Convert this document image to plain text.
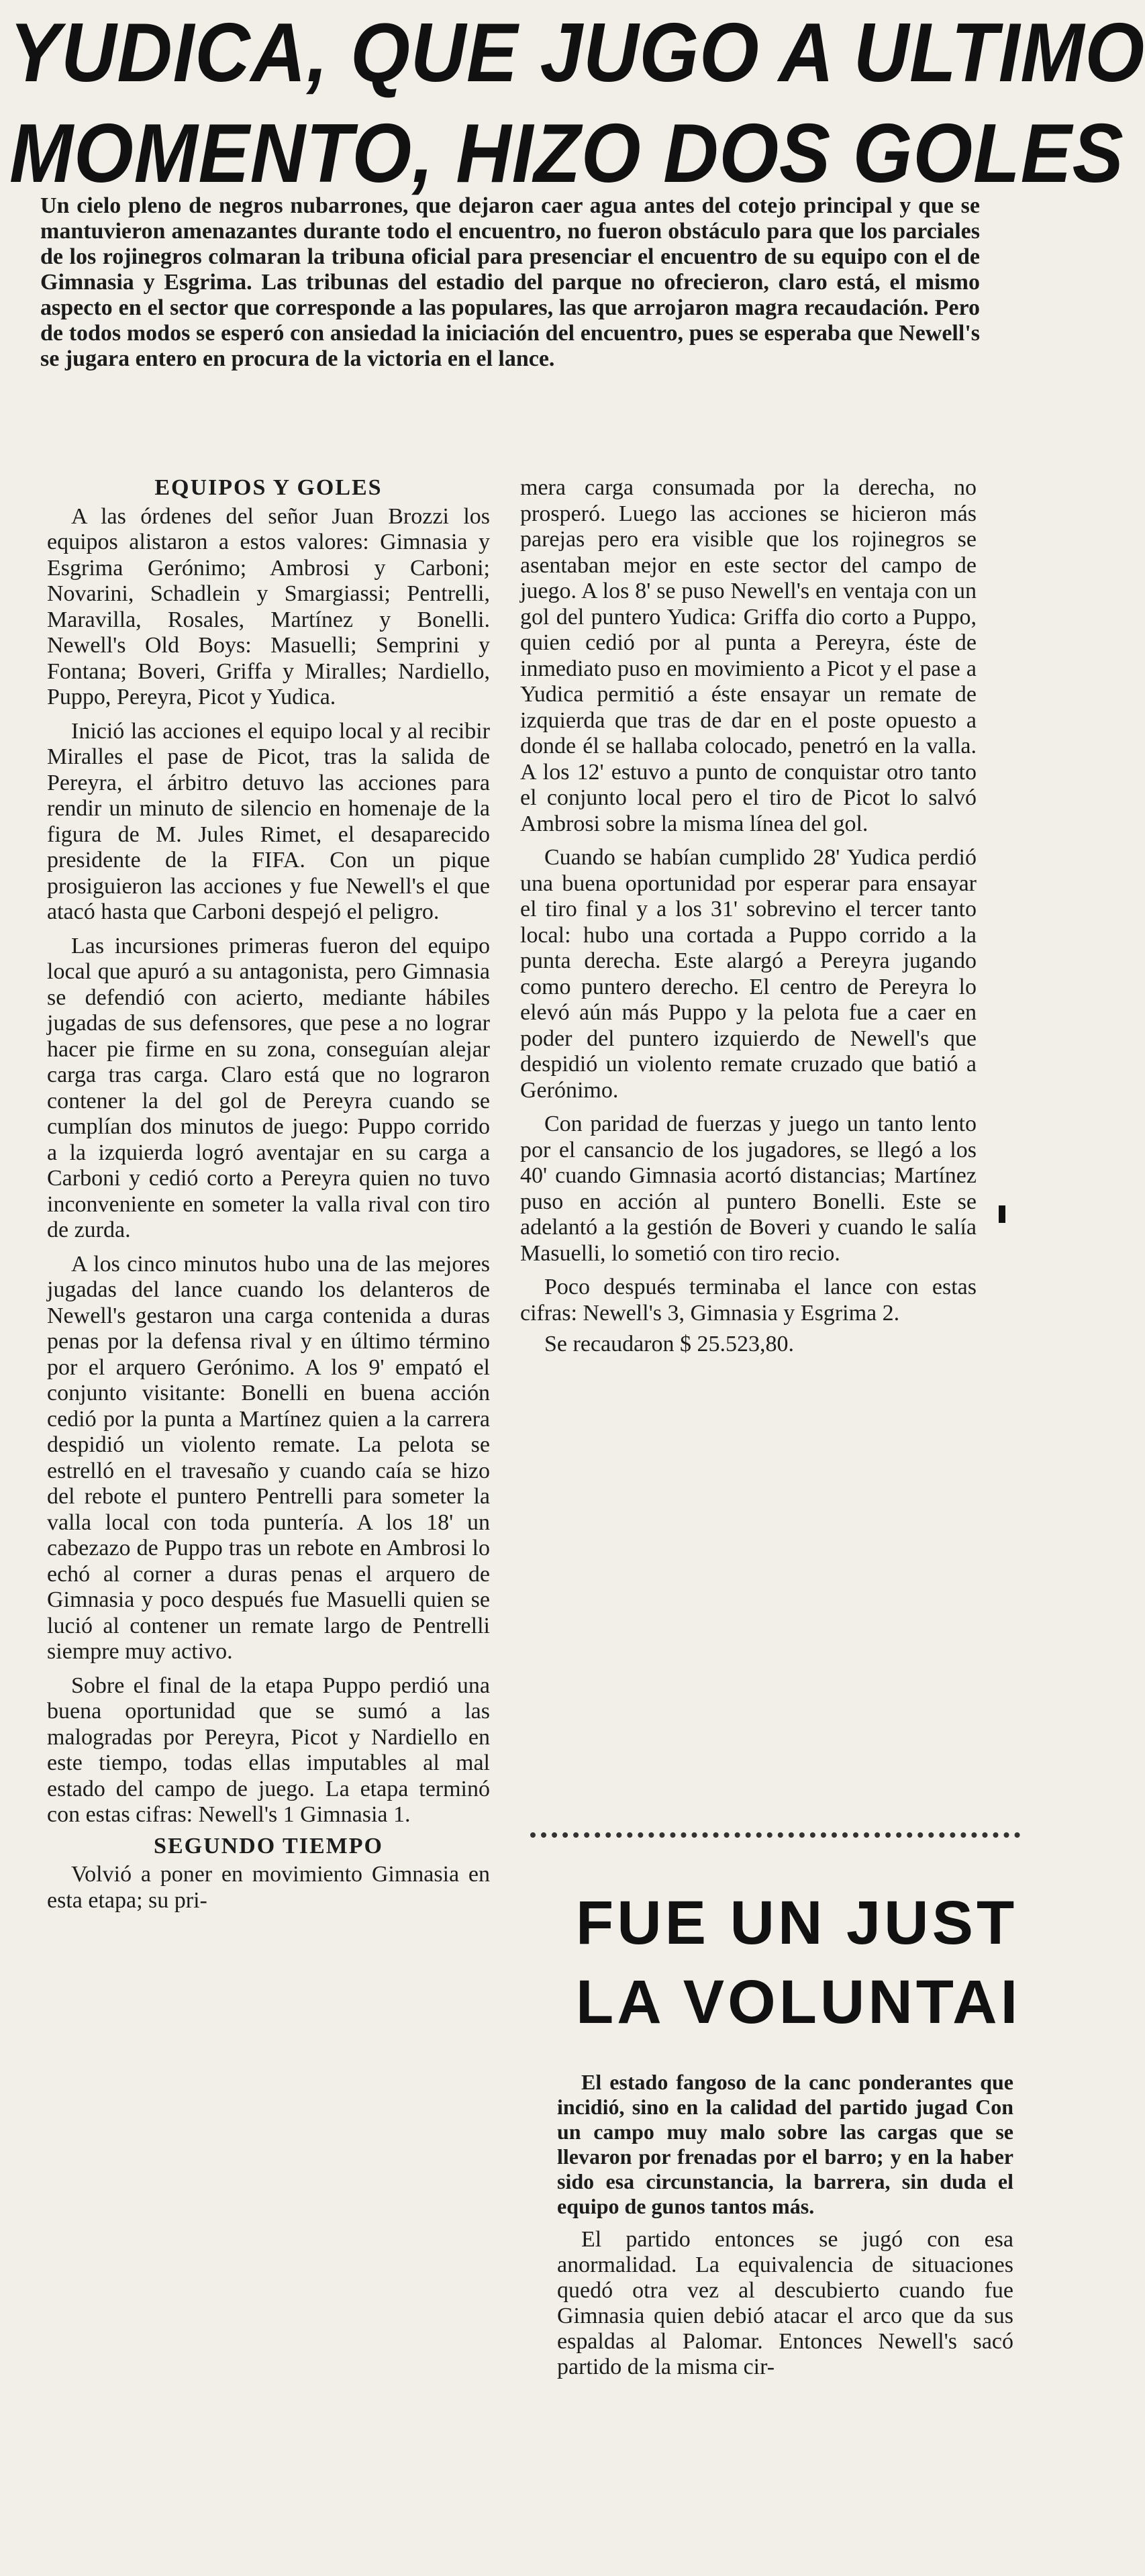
YUDICA, QUE JUGO A ULTIMO
MOMENTO, HIZO DOS GOLES
Un cielo pleno de negros nubarrones, que dejaron caer agua antes del cotejo principal y que se mantuvieron amenazantes durante todo el encuentro, no fueron obstáculo para que los parciales de los rojinegros colmaran la tribuna oficial para presenciar el encuentro de su equipo con el de Gimnasia y Esgrima. Las tribunas del estadio del parque no ofrecieron, claro está, el mismo aspecto en el sector que corresponde a las populares, las que arrojaron magra recaudación. Pero de todos modos se esperó con ansiedad la iniciación del encuentro, pues se esperaba que Newell's se jugara entero en procura de la victoria en el lance.
EQUIPOS Y GOLES

A las órdenes del señor Juan Brozzi los equipos alistaron a estos valores: Gimnasia y Esgrima Gerónimo; Ambrosi y Carboni; Novarini, Schadlein y Smargiassi; Pentrelli, Maravilla, Rosales, Martínez y Bonelli. Newell's Old Boys: Masuelli; Semprini y Fontana; Boveri, Griffa y Miralles; Nardiello, Puppo, Pereyra, Picot y Yudica.

Inició las acciones el equipo local y al recibir Miralles el pase de Picot, tras la salida de Pereyra, el árbitro detuvo las acciones para rendir un minuto de silencio en homenaje de la figura de M. Jules Rimet, el desaparecido presidente de la FIFA. Con un pique prosiguieron las acciones y fue Newell's el que atacó hasta que Carboni despejó el peligro.

Las incursiones primeras fueron del equipo local que apuró a su antagonista, pero Gimnasia se defendió con acierto, mediante hábiles jugadas de sus defensores, que pese a no lograr hacer pie firme en su zona, conseguían alejar carga tras carga. Claro está que no lograron contener la del gol de Pereyra cuando se cumplían dos minutos de juego: Puppo corrido a la izquierda logró aventajar en su carga a Carboni y cedió corto a Pereyra quien no tuvo inconveniente en someter la valla rival con tiro de zurda.

A los cinco minutos hubo una de las mejores jugadas del lance cuando los delanteros de Newell's gestaron una carga contenida a duras penas por la defensa rival y en último término por el arquero Gerónimo. A los 9' empató el conjunto visitante: Bonelli en buena acción cedió por la punta a Martínez quien a la carrera despidió un violento remate. La pelota se estrelló en el travesaño y cuando caía se hizo del rebote el puntero Pentrelli para someter la valla local con toda puntería. A los 18' un cabezazo de Puppo tras un rebote en Ambrosi lo echó al corner a duras penas el arquero de Gimnasia y poco después fue Masuelli quien se lució al contener un remate largo de Pentrelli siempre muy activo.

Sobre el final de la etapa Puppo perdió una buena oportunidad que se sumó a las malogradas por Pereyra, Picot y Nardiello en este tiempo, todas ellas imputables al mal estado del campo de juego. La etapa terminó con estas cifras: Newell's 1 Gimnasia 1.

SEGUNDO TIEMPO

Volvió a poner en movimiento Gimnasia en esta etapa; su pri-

mera carga consumada por la derecha, no prosperó. Luego las acciones se hicieron más parejas pero era visible que los rojinegros se asentaban mejor en este sector del campo de juego. A los 8' se puso Newell's en ventaja con un gol del puntero Yudica: Griffa dio corto a Puppo, quien cedió por al punta a Pereyra, éste de inmediato puso en movimiento a Picot y el pase a Yudica permitió a éste ensayar un remate de izquierda que tras de dar en el poste opuesto a donde él se hallaba colocado, penetró en la valla. A los 12' estuvo a punto de conquistar otro tanto el conjunto local pero el tiro de Picot lo salvó Ambrosi sobre la misma línea del gol.

Cuando se habían cumplido 28' Yudica perdió una buena oportunidad por esperar para ensayar el tiro final y a los 31' sobrevino el tercer tanto local: hubo una cortada a Puppo corrido a la punta derecha. Este alargó a Pereyra jugando como puntero derecho. El centro de Pereyra lo elevó aún más Puppo y la pelota fue a caer en poder del puntero izquierdo de Newell's que despidió un violento remate cruzado que batió a Gerónimo.

Con paridad de fuerzas y juego un tanto lento por el cansancio de los jugadores, se llegó a los 40' cuando Gimnasia acortó distancias; Martínez puso en acción al puntero Bonelli. Este se adelantó a la gestión de Boveri y cuando le salía Masuelli, lo sometió con tiro recio.

Poco después terminaba el lance con estas cifras: Newell's 3, Gimnasia y Esgrima 2.

Se recaudaron $ 25.523,80.
FUE UN JUST
LA VOLUNTAI

El estado fangoso de la canc ponderantes que incidió, sino en la calidad del partido jugad Con un campo muy malo sobre las cargas que se llevaron por frenadas por el barro; y en la haber sido esa circunstancia, la barrera, sin duda el equipo de gunos tantos más.

El partido entonces se jugó con esa anormalidad. La equivalencia de situaciones quedó otra vez al descubierto cuando fue Gimnasia quien debió atacar el arco que da sus espaldas al Palomar. Entonces Newell's sacó partido de la misma cir-
